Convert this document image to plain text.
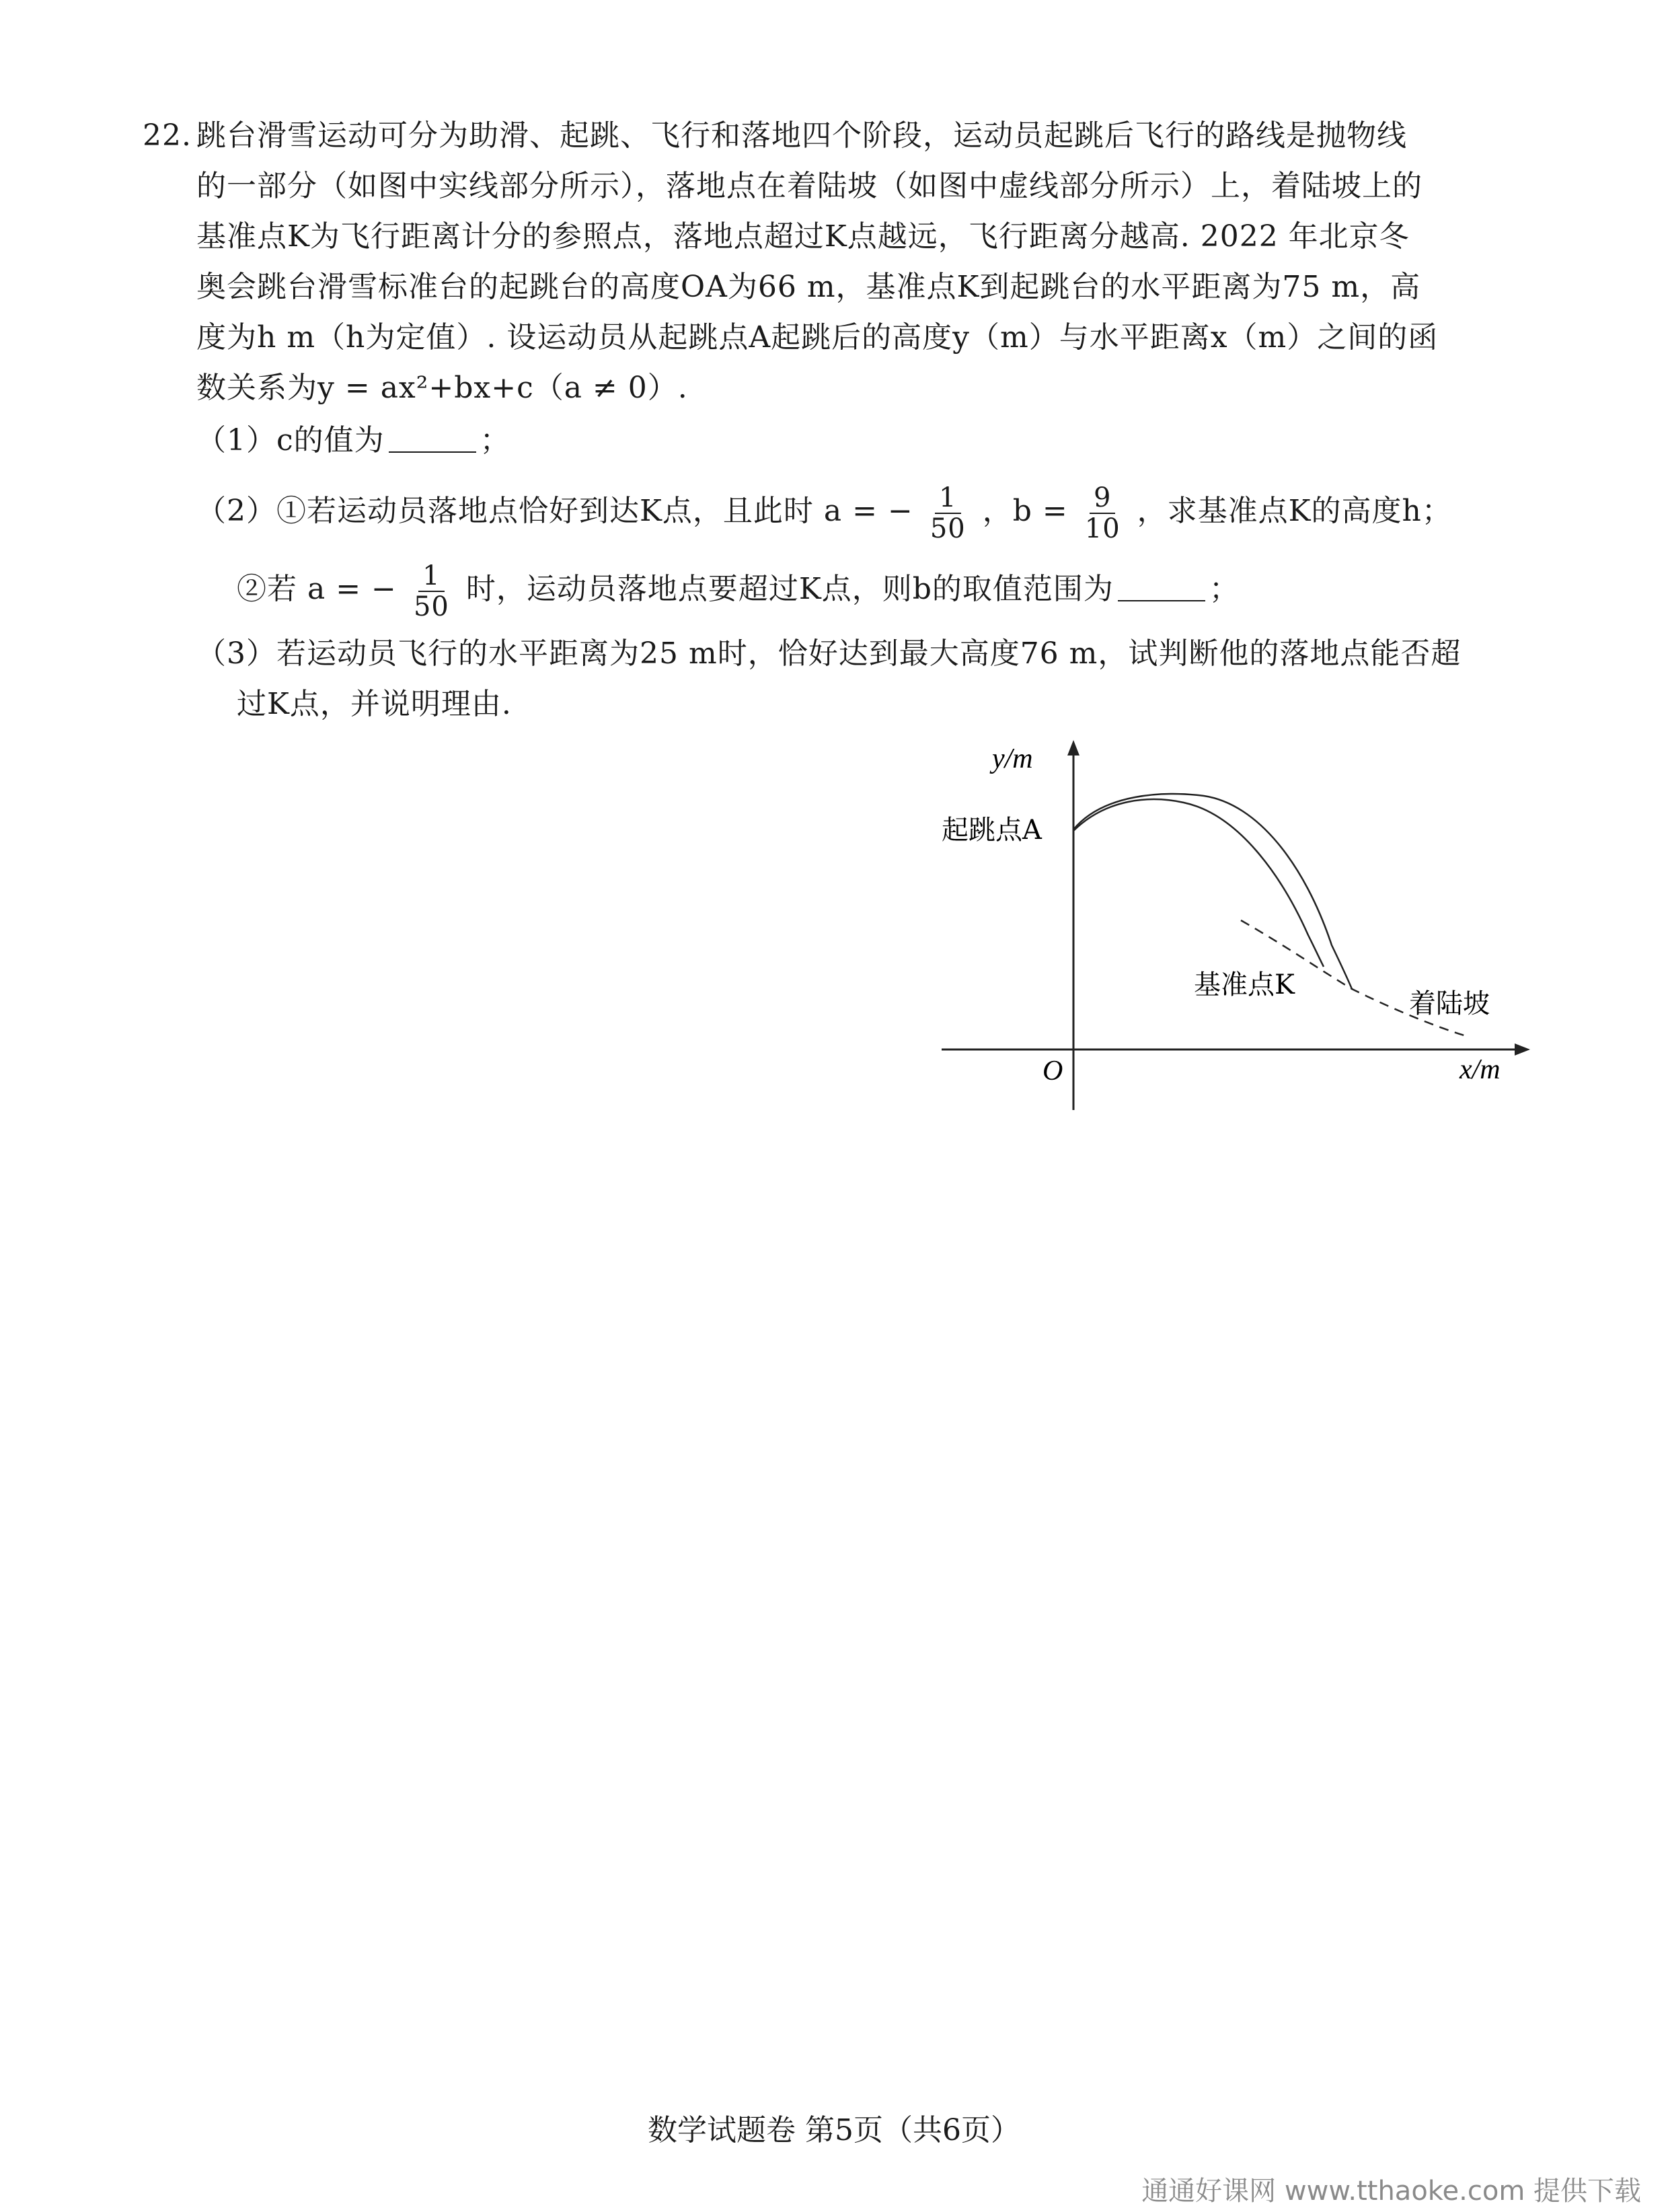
22. 跳台滑雪运动可分为助滑、起跳、飞行和落地四个阶段，运动员起跳后飞行的路线是抛物线
的一部分（如图中实线部分所示），落地点在着陆坡（如图中虚线部分所示）上，着陆坡上的
基准点K为飞行距离计分的参照点，落地点超过K点越远，飞行距离分越高. 2022 年北京冬
奥会跳台滑雪标准台的起跳台的高度OA为66 m，基准点K到起跳台的水平距离为75 m，高
度为h m（h为定值）. 设运动员从起跳点A起跳后的高度y（m）与水平距离x（m）之间的函
数关系为y = ax²+bx+c（a ≠ 0）.
（1）c的值为	；
（2）①若运动员落地点恰好到达K点，且此时 a = − $\frac{1}{50}$ ，$b = \frac{9}{10}$ ，求基准点K的高度h；
②若 a = − $\frac{1}{50}$ 时，运动员落地点要超过K点，则b的取值范围为	；
（3）若运动员飞行的水平距离为25 m时，恰好达到最大高度76 m，试判断他的落地点能否超
过K点，并说明理由.
y/m
x/m
O
起跳点A
基准点K
着陆坡
数学试题卷 第5页（共6页）
通通好课网 www.tthaoke.com 提供下载
